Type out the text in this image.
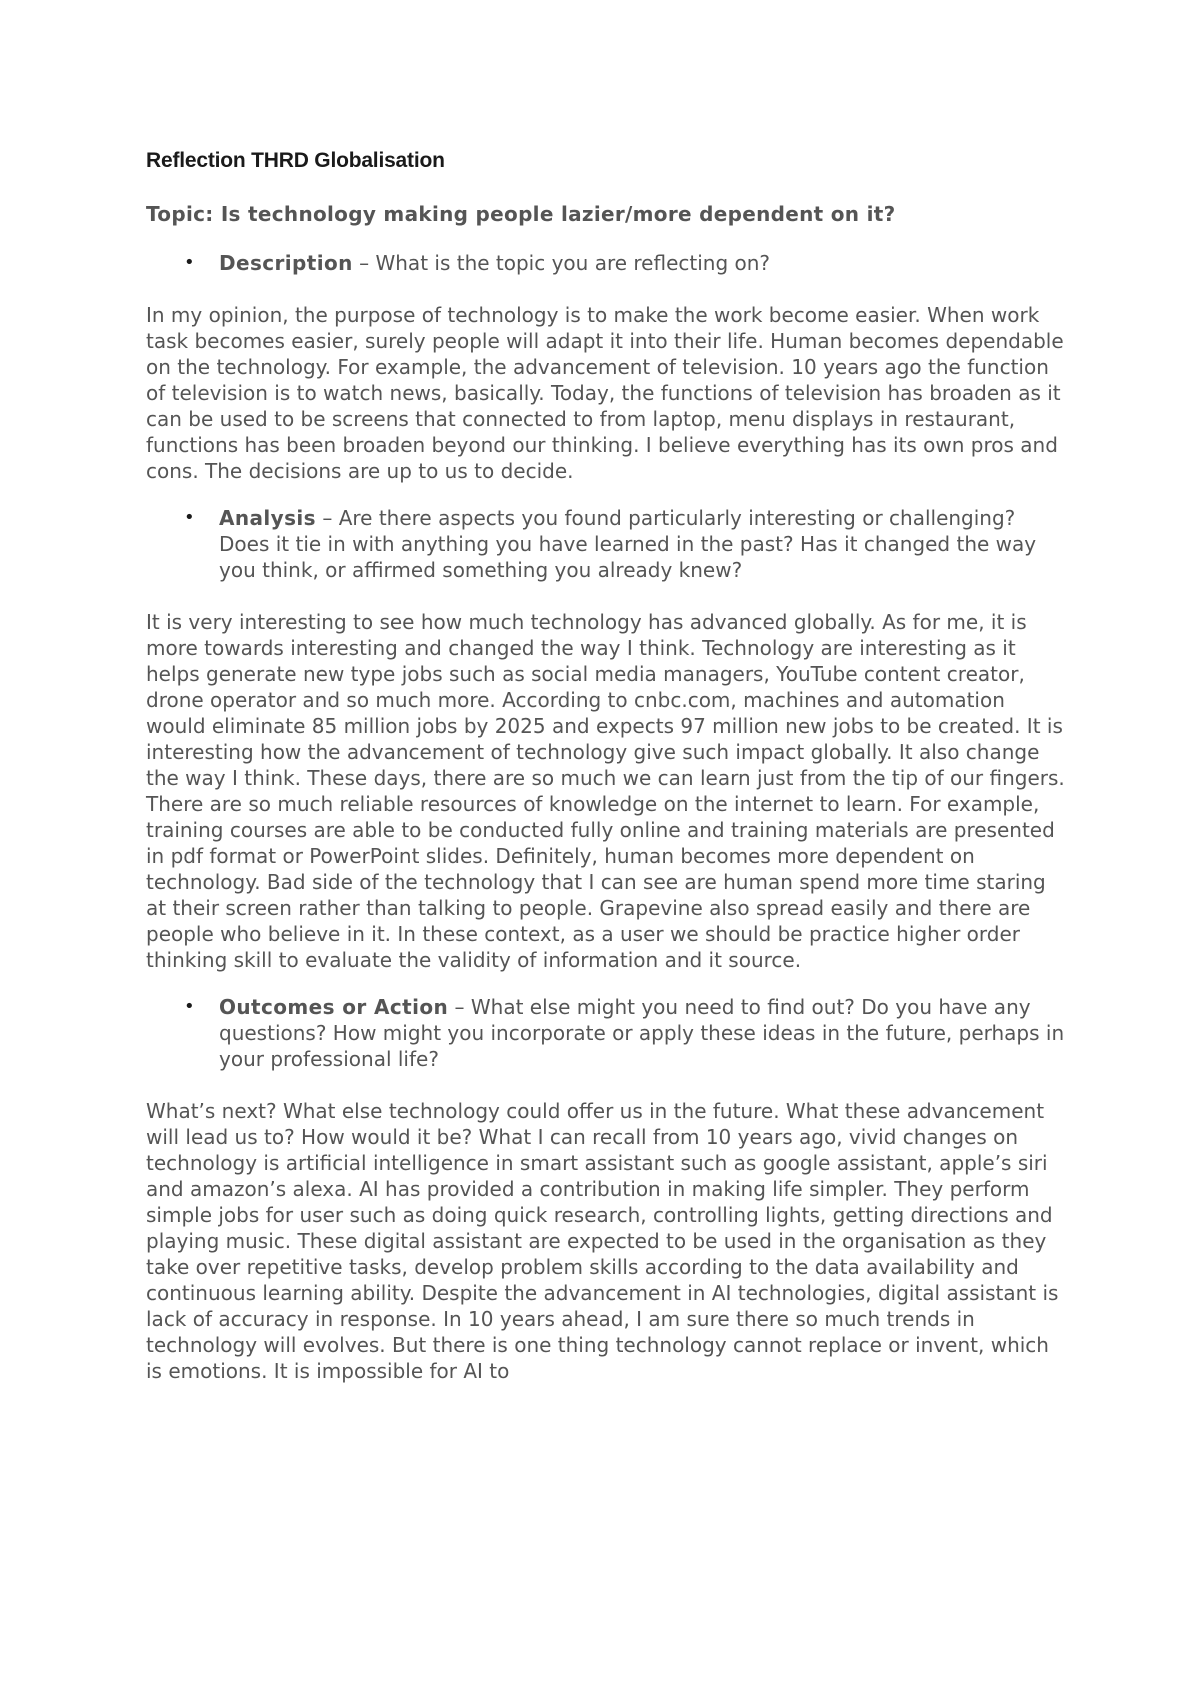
Reflection THRD Globalisation

Topic: Is technology making people lazier/more dependent on it?

• Description – What is the topic you are reflecting on?

In my opinion, the purpose of technology is to make the work become easier. When work task becomes easier, surely people will adapt it into their life. Human becomes dependable on the technology. For example, the advancement of television. 10 years ago the function of television is to watch news, basically. Today, the functions of television has broaden as it can be used to be screens that connected to from laptop, menu displays in restaurant, functions has been broaden beyond our thinking. I believe everything has its own pros and cons. The decisions are up to us to decide.

• Analysis – Are there aspects you found particularly interesting or challenging? Does it tie in with anything you have learned in the past? Has it changed the way you think, or affirmed something you already knew?

It is very interesting to see how much technology has advanced globally. As for me, it is more towards interesting and changed the way I think. Technology are interesting as it helps generate new type jobs such as social media managers, YouTube content creator, drone operator and so much more. According to cnbc.com, machines and automation would eliminate 85 million jobs by 2025 and expects 97 million new jobs to be created. It is interesting how the advancement of technology give such impact globally. It also change the way I think. These days, there are so much we can learn just from the tip of our fingers. There are so much reliable resources of knowledge on the internet to learn. For example, training courses are able to be conducted fully online and training materials are presented in pdf format or PowerPoint slides. Definitely, human becomes more dependent on technology. Bad side of the technology that I can see are human spend more time staring at their screen rather than talking to people. Grapevine also spread easily and there are people who believe in it. In these context, as a user we should be practice higher order thinking skill to evaluate the validity of information and it source.

• Outcomes or Action – What else might you need to find out? Do you have any questions? How might you incorporate or apply these ideas in the future, perhaps in your professional life?

What’s next? What else technology could offer us in the future. What these advancement will lead us to? How would it be? What I can recall from 10 years ago, vivid changes on technology is artificial intelligence in smart assistant such as google assistant, apple’s siri and amazon’s alexa. AI has provided a contribution in making life simpler. They perform simple jobs for user such as doing quick research, controlling lights, getting directions and playing music. These digital assistant are expected to be used in the organisation as they take over repetitive tasks, develop problem skills according to the data availability and continuous learning ability. Despite the advancement in AI technologies, digital assistant is lack of accuracy in response. In 10 years ahead, I am sure there so much trends in technology will evolves. But there is one thing technology cannot replace or invent, which is emotions. It is impossible for AI to
